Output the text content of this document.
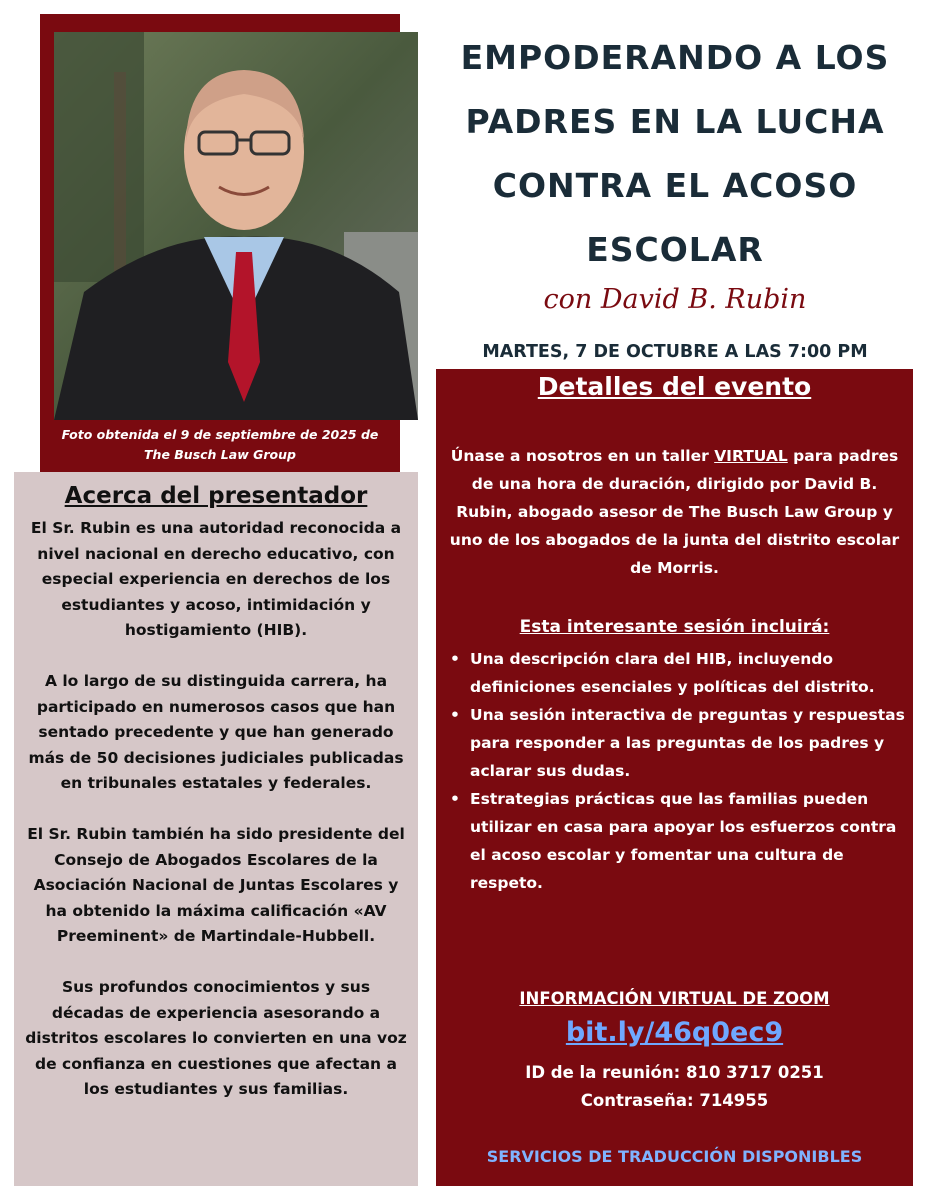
Foto obtenida el 9 de septiembre de 2025 de
The Busch Law Group
EMPODERANDO A LOS
PADRES EN LA LUCHA
CONTRA EL ACOSO
ESCOLAR
con David B. Rubin
MARTES, 7 DE OCTUBRE A LAS 7:00 PM
Acerca del presentador

El Sr. Rubin es una autoridad reconocida a nivel nacional en derecho educativo, con especial experiencia en derechos de los estudiantes y acoso, intimidación y hostigamiento (HIB).

A lo largo de su distinguida carrera, ha participado en numerosos casos que han sentado precedente y que han generado más de 50 decisiones judiciales publicadas en tribunales estatales y federales.

El Sr. Rubin también ha sido presidente del Consejo de Abogados Escolares de la Asociación Nacional de Juntas Escolares y ha obtenido la máxima calificación «AV Preeminent» de Martindale-Hubbell.

Sus profundos conocimientos y sus décadas de experiencia asesorando a distritos escolares lo convierten en una voz de confianza en cuestiones que afectan a los estudiantes y sus familias.

Detalles del evento
Únase a nosotros en un taller VIRTUAL para padres de una hora de duración, dirigido por David B. Rubin, abogado asesor de The Busch Law Group y uno de los abogados de la junta del distrito escolar de Morris.
Esta interesante sesión incluirá:
• Una descripción clara del HIB, incluyendo definiciones esenciales y políticas del distrito.
• Una sesión interactiva de preguntas y respuestas para responder a las preguntas de los padres y aclarar sus dudas.
• Estrategias prácticas que las familias pueden utilizar en casa para apoyar los esfuerzos contra el acoso escolar y fomentar una cultura de respeto.
INFORMACIÓN VIRTUAL DE ZOOM
bit.ly/46q0ec9
ID de la reunión: 810 3717 0251
Contraseña: 714955
SERVICIOS DE TRADUCCIÓN DISPONIBLES
